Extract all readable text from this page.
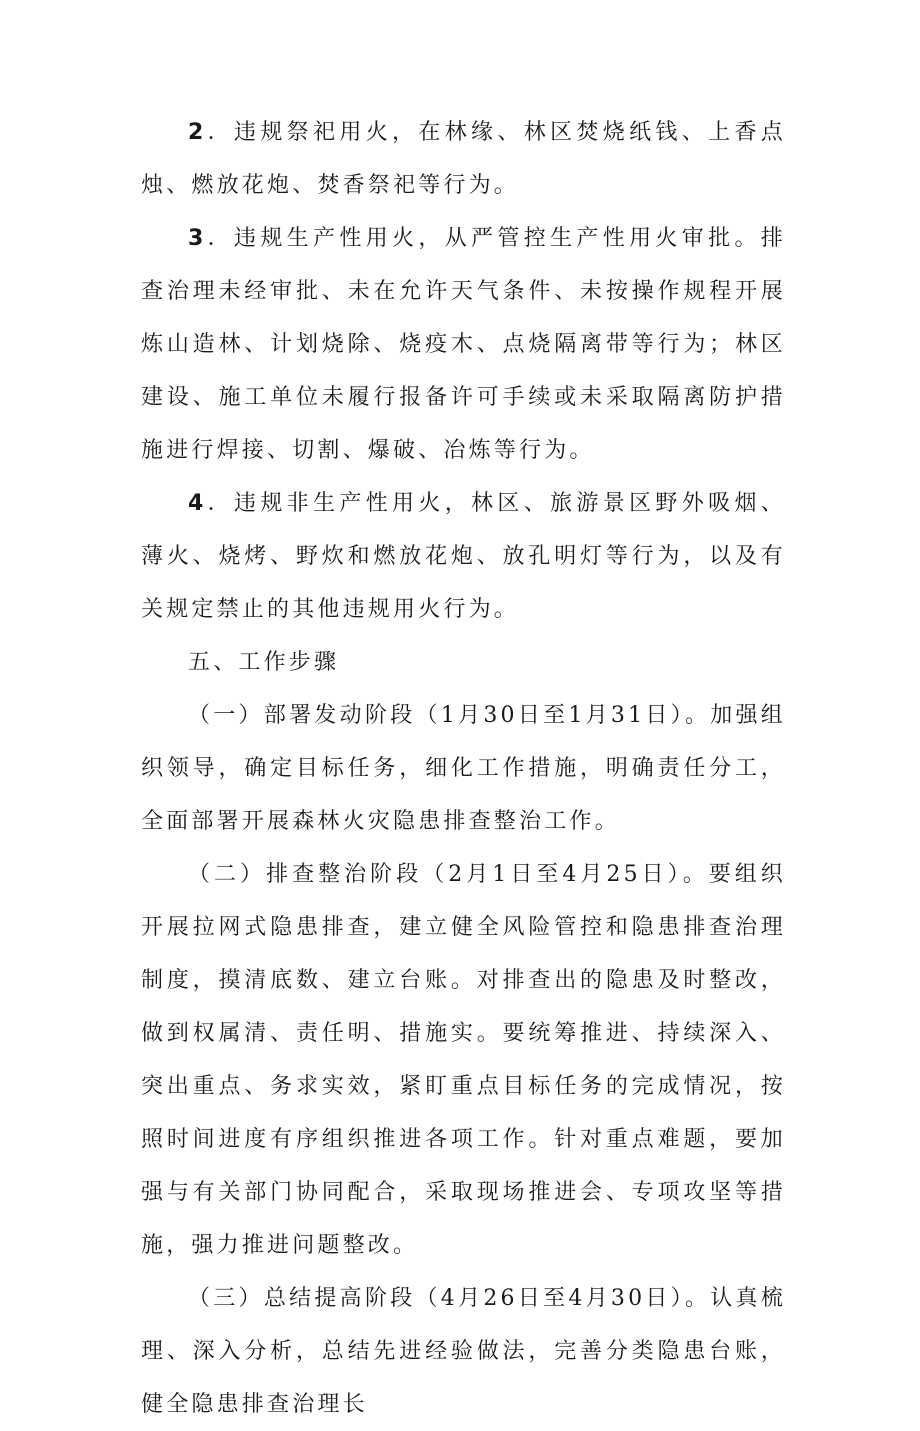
2．违规祭祀用火，在林缘、林区焚烧纸钱、上香点烛、燃放花炮、焚香祭祀等行为。

3．违规生产性用火，从严管控生产性用火审批。排查治理未经审批、未在允许天气条件、未按操作规程开展炼山造林、计划烧除、烧疫木、点烧隔离带等行为；林区建设、施工单位未履行报备许可手续或未采取隔离防护措施进行焊接、切割、爆破、冶炼等行为。

4．违规非生产性用火，林区、旅游景区野外吸烟、薄火、烧烤、野炊和燃放花炮、放孔明灯等行为，以及有关规定禁止的其他违规用火行为。

五、工作步骤

（一）部署发动阶段（1月30日至1月31日）。加强组织领导，确定目标任务，细化工作措施，明确责任分工，全面部署开展森林火灾隐患排查整治工作。

（二）排查整治阶段（2月1日至4月25日）。要组织开展拉网式隐患排查，建立健全风险管控和隐患排查治理制度，摸清底数、建立台账。对排查出的隐患及时整改，做到权属清、责任明、措施实。要统筹推进、持续深入、突出重点、务求实效，紧盯重点目标任务的完成情况，按照时间进度有序组织推进各项工作。针对重点难题，要加强与有关部门协同配合，采取现场推进会、专项攻坚等措施，强力推进问题整改。

（三）总结提高阶段（4月26日至4月30日）。认真梳理、深入分析，总结先进经验做法，完善分类隐患台账，健全隐患排查治理长
